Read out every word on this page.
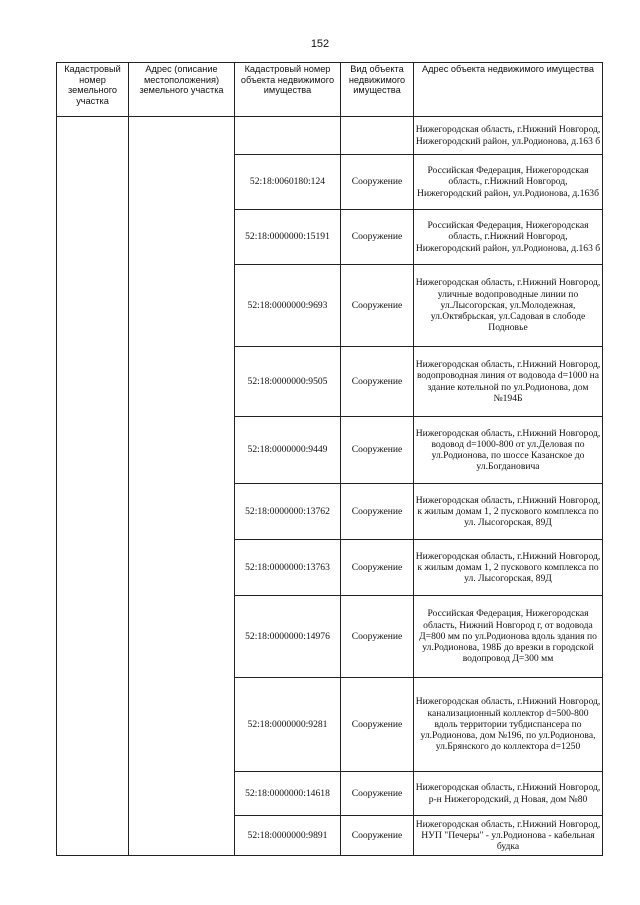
152
Кадастровый номер земельного участка	Адрес (описание местоположения) земельного участка	Кадастровый номер объекта недвижимого имущества	Вид объекта недвижимого имущества	Адрес объекта недвижимого имущества
				Нижегородская область, г.Нижний Новгород, Нижегородский район, ул.Родионова, д.163 б
		52:18:0060180:124	Сооружение	Российская Федерация, Нижегородская область, г.Нижний Новгород, Нижегородский район, ул.Родионова, д.163б
		52:18:0000000:15191	Сооружение	Российская Федерация, Нижегородская область, г.Нижний Новгород, Нижегородский район, ул.Родионова, д.163 б
		52:18:0000000:9693	Сооружение	Нижегородская область, г.Нижний Новгород, уличные водопроводные линии по ул.Лысогорская, ул.Молодежная, ул.Октябрьская, ул.Садовая в слободе Подновье
		52:18:0000000:9505	Сооружение	Нижегородская область, г.Нижний Новгород, водопроводная линия от водовода d=1000 на здание котельной по ул.Родионова, дом №194Б
		52:18:0000000:9449	Сооружение	Нижегородская область, г.Нижний Новгород, водовод d=1000-800 от ул.Деловая по ул.Родионова, по шоссе Казанское до ул.Богдановича
		52:18:0000000:13762	Сооружение	Нижегородская область, г.Нижний Новгород, к жилым домам 1, 2 пускового комплекса по ул. Лысогорская, 89Д
		52:18:0000000:13763	Сооружение	Нижегородская область, г.Нижний Новгород, к жилым домам 1, 2 пускового комплекса по ул. Лысогорская, 89Д
		52:18:0000000:14976	Сооружение	Российская Федерация, Нижегородская область, Нижний Новгород г, от водовода Д=800 мм по ул.Родионова вдоль здания по ул.Родионова, 198Б до врезки в городской водопровод Д=300 мм
		52:18:0000000:9281	Сооружение	Нижегородская область, г.Нижний Новгород, канализационный коллектор d=500-800 вдоль территории тубдиспансера по ул.Родионова, дом №196, по ул.Родионова, ул.Брянского до коллектора d=1250
		52:18:0000000:14618	Сооружение	Нижегородская область, г.Нижний Новгород, р-н Нижегородский, д Новая, дом №80
		52:18:0000000:9891	Сооружение	Нижегородская область, г.Нижний Новгород, НУП "Печеры" - ул.Родионова - кабельная будка
